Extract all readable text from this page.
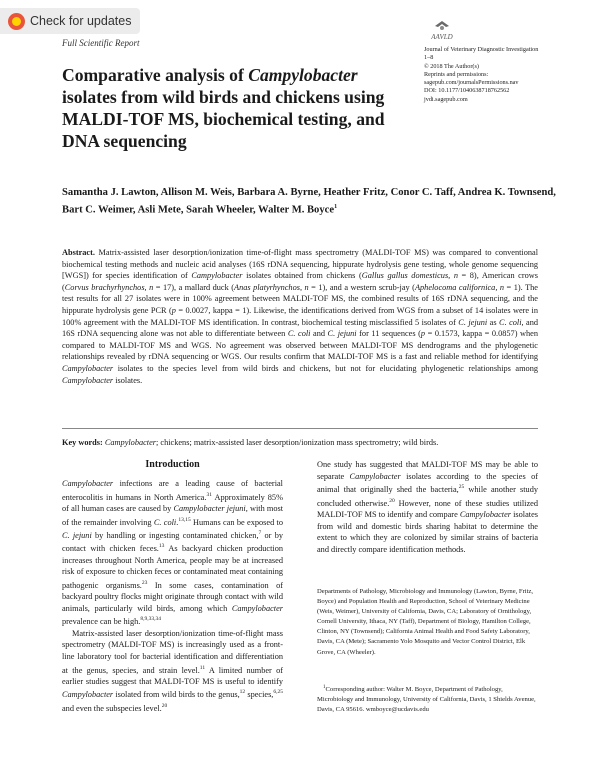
Check for updates
Full Scientific Report
AAVLD
Journal of Veterinary Diagnostic Investigation
1–8
© 2018 The Author(s)
Reprints and permissions:
sagepub.com/journalsPermissions.nav
DOI: 10.1177/1040638718762562
jvdi.sagepub.com
Comparative analysis of Campylobacter isolates from wild birds and chickens using MALDI-TOF MS, biochemical testing, and DNA sequencing
Samantha J. Lawton, Allison M. Weis, Barbara A. Byrne, Heather Fritz, Conor C. Taff, Andrea K. Townsend, Bart C. Weimer, Asli Mete, Sarah Wheeler, Walter M. Boyce$^1$
Abstract. Matrix-assisted laser desorption/ionization time-of-flight mass spectrometry (MALDI-TOF MS) was compared to conventional biochemical testing methods and nucleic acid analyses (16S rDNA sequencing, hippurate hydrolysis gene testing, whole genome sequencing [WGS]) for species identification of Campylobacter isolates obtained from chickens (Gallus gallus domesticus, n = 8), American crows (Corvus brachyrhynchos, n = 17), a mallard duck (Anas platyrhynchos, n = 1), and a western scrub-jay (Aphelocoma californica, n = 1). The test results for all 27 isolates were in 100% agreement between MALDI-TOF MS, the combined results of 16S rDNA sequencing, and the hippurate hydrolysis gene PCR (p = 0.0027, kappa = 1). Likewise, the identifications derived from WGS from a subset of 14 isolates were in 100% agreement with the MALDI-TOF MS identification. In contrast, biochemical testing misclassified 5 isolates of C. jejuni as C. coli, and 16S rDNA sequencing alone was not able to differentiate between C. coli and C. jejuni for 11 sequences (p = 0.1573, kappa = 0.0857) when compared to MALDI-TOF MS and WGS. No agreement was observed between MALDI-TOF MS dendrograms and the phylogenetic relationships revealed by rDNA sequencing or WGS. Our results confirm that MALDI-TOF MS is a fast and reliable method for identifying Campylobacter isolates to the species level from wild birds and chickens, but not for elucidating phylogenetic relationships among Campylobacter isolates.
Key words: Campylobacter; chickens; matrix-assisted laser desorption/ionization mass spectrometry; wild birds.
Introduction

Campylobacter infections are a leading cause of bacterial enterocolitis in humans in North America.$^{31}$ Approximately 85% of all human cases are caused by Campylobacter jejuni, with most of the remainder involving C. coli.$^{13,15}$ Humans can be exposed to C. jejuni by handling or ingesting contaminated chicken,$^7$ or by contact with chicken feces.$^{13}$ As backyard chicken production increases throughout North America, people may be at increased risk of exposure to chicken feces or contaminated meat containing pathogenic organisms.$^{23}$ In some cases, contamination of backyard poultry flocks might originate through contact with wild animals, particularly wild birds, among which Campylobacter prevalence can be high.$^{8,9,33,34}$

Matrix-assisted laser desorption/ionization time-of-flight mass spectrometry (MALDI-TOF MS) is increasingly used as a front-line laboratory tool for bacterial identification and differentiation at the genus, species, and strain level.$^{11}$ A limited number of earlier studies suggest that MALDI-TOF MS is useful to identify Campylobacter isolated from wild birds to the genus,$^{12}$ species,$^{6,25}$ and even the subspecies level.$^{20}$

One study has suggested that MALDI-TOF MS may be able to separate Campylobacter isolates according to the species of animal that originally shed the bacteria,$^{25}$ while another study concluded otherwise.$^{20}$ However, none of these studies utilized MALDI-TOF MS to identify and compare Campylobacter isolates from wild and domestic birds sharing habitat to determine the extent to which they are colonized by similar strains of bacteria and directly compare identification methods.

Departments of Pathology, Microbiology and Immunology (Lawton, Byrne, Fritz, Boyce) and Population Health and Reproduction, School of Veterinary Medicine (Weis, Weimer), University of California, Davis, CA; Laboratory of Ornithology, Cornell University, Ithaca, NY (Taff), Department of Biology, Hamilton College, Clinton, NY (Townsend); California Animal Health and Food Safety Laboratory, Davis, CA (Mete); Sacramento Yolo Mosquito and Vector Control District, Elk Grove, CA (Wheeler).
$^1$Corresponding author: Walter M. Boyce, Department of Pathology, Microbiology and Immunology, University of California, Davis, 1 Shields Avenue, Davis, CA 95616. wmboyce@ucdavis.edu
